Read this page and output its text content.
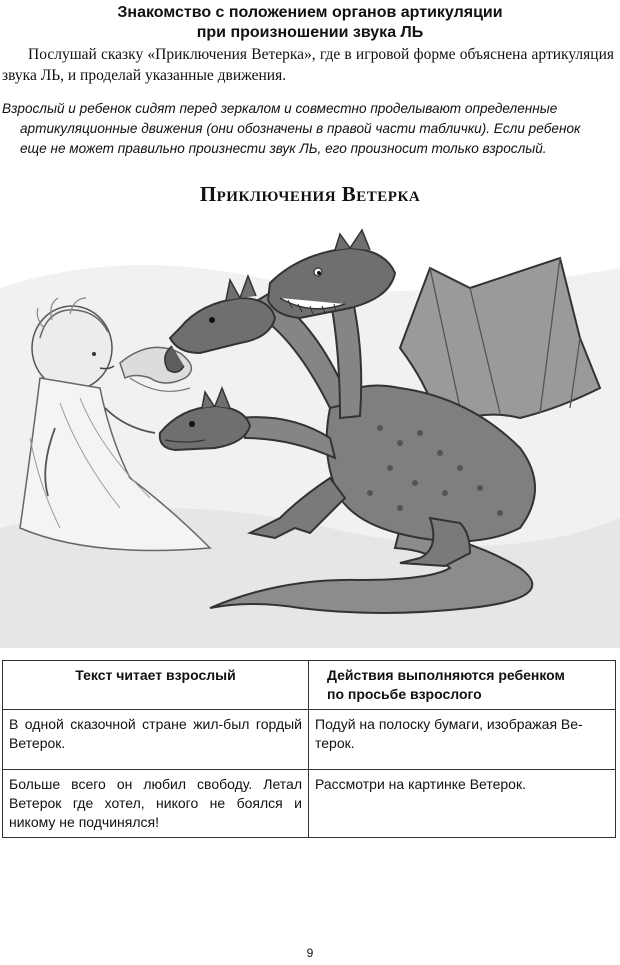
Знакомство с положением органов артикуляции
при произношении звука ЛЬ
Послушай сказку «Приключения Ветерка», где в игровой форме объяснена артикуляция звука ЛЬ, и проделай указанные движения.
Взрослый и ребенок сидят перед зеркалом и совместно проделывают определенные
артикуляционные движения (они обозначены в правой части таблички). Если ребенок
еще не может правильно произнести звук ЛЬ, его произносит только взрослый.
Приключения Ветерка
Текст читает взрослый	Действия выполняются ребенком
по просьбе взрослого

В одной сказочной стране жил-был гордый Ветерок.	Подуй на полоску бумаги, изображая Ве-терок.
Больше всего он любил свободу. Летал Ветерок где хотел, никого не боялся и никому не подчинялся!	Рассмотри на картинке Ветерок.
9
